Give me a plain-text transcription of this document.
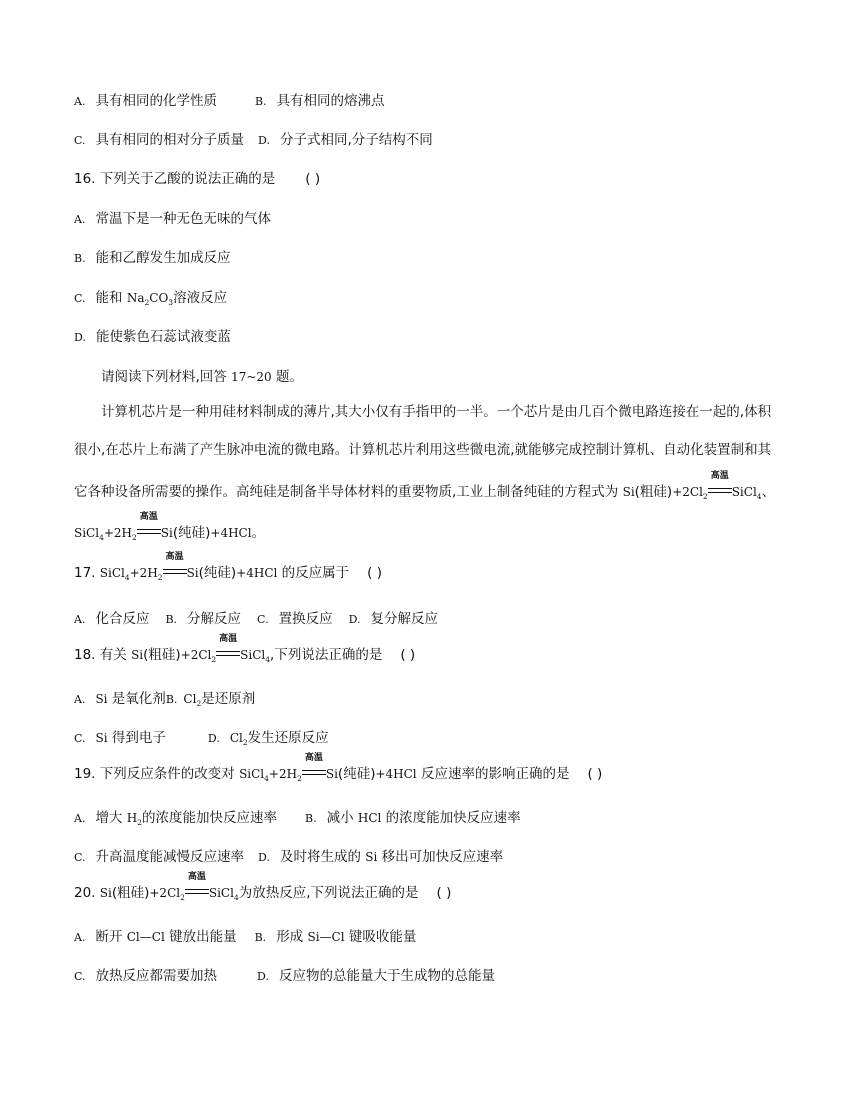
A. 具有相同的化学性质	B. 具有相同的熔沸点
C. 具有相同的相对分子质量 D. 分子式相同,分子结构不同
16. 下列关于乙酸的说法正确的是 ( )
A. 常温下是一种无色无味的气体
B. 能和乙醇发生加成反应
C. 能和 $Na_2CO_3$溶液反应
D. 能使紫色石蕊试液变蓝
请阅读下列材料,回答 17~20 题。
计算机芯片是一种用硅材料制成的薄片,其大小仅有手指甲的一半。一个芯片是由几百个微电路连接在一起的,体积
很小,在芯片上布满了产生脉冲电流的微电路。计算机芯片利用这些微电流,就能够完成控制计算机、自动化装置制和其
它各种设备所需要的操作。高纯硅是制备半导体材料的重要物质,工业上制备纯硅的方程式为 Si(粗硅)$+2Cl_2$
高温
SiCl$_4$、
$SiCl_4+2H_2$
高温
Si(纯硅)+4HCl。
17. $SiCl_4+2H_2$
高温
Si(纯硅)+4HCl 的反应属于 ( )
A. 化合反应 B. 分解反应 C. 置换反应 D. 复分解反应
18. 有关 Si(粗硅)$+2Cl_2$
高温
SiCl$_4$,下列说法正确的是 ( )
A. Si 是氧化剂B. $Cl_2$是还原剂
C. Si 得到电子	D. $Cl_2$发生还原反应
19. 下列反应条件的改变对 $SiCl_4+2H_2$
高温
Si(纯硅)+4HCl 反应速率的影响正确的是 ( )
A. 增大 $H_2$的浓度能加快反应速率	B. 减小 HCl 的浓度能加快反应速率
C. 升高温度能减慢反应速率 D. 及时将生成的 Si 移出可加快反应速率
20. Si(粗硅)$+2Cl_2$
高温
SiCl$_4$为放热反应,下列说法正确的是 ( )
A. 断开 Cl—Cl 键放出能量 B. 形成 Si—Cl 键吸收能量
C. 放热反应都需要加热	D. 反应物的总能量大于生成物的总能量
